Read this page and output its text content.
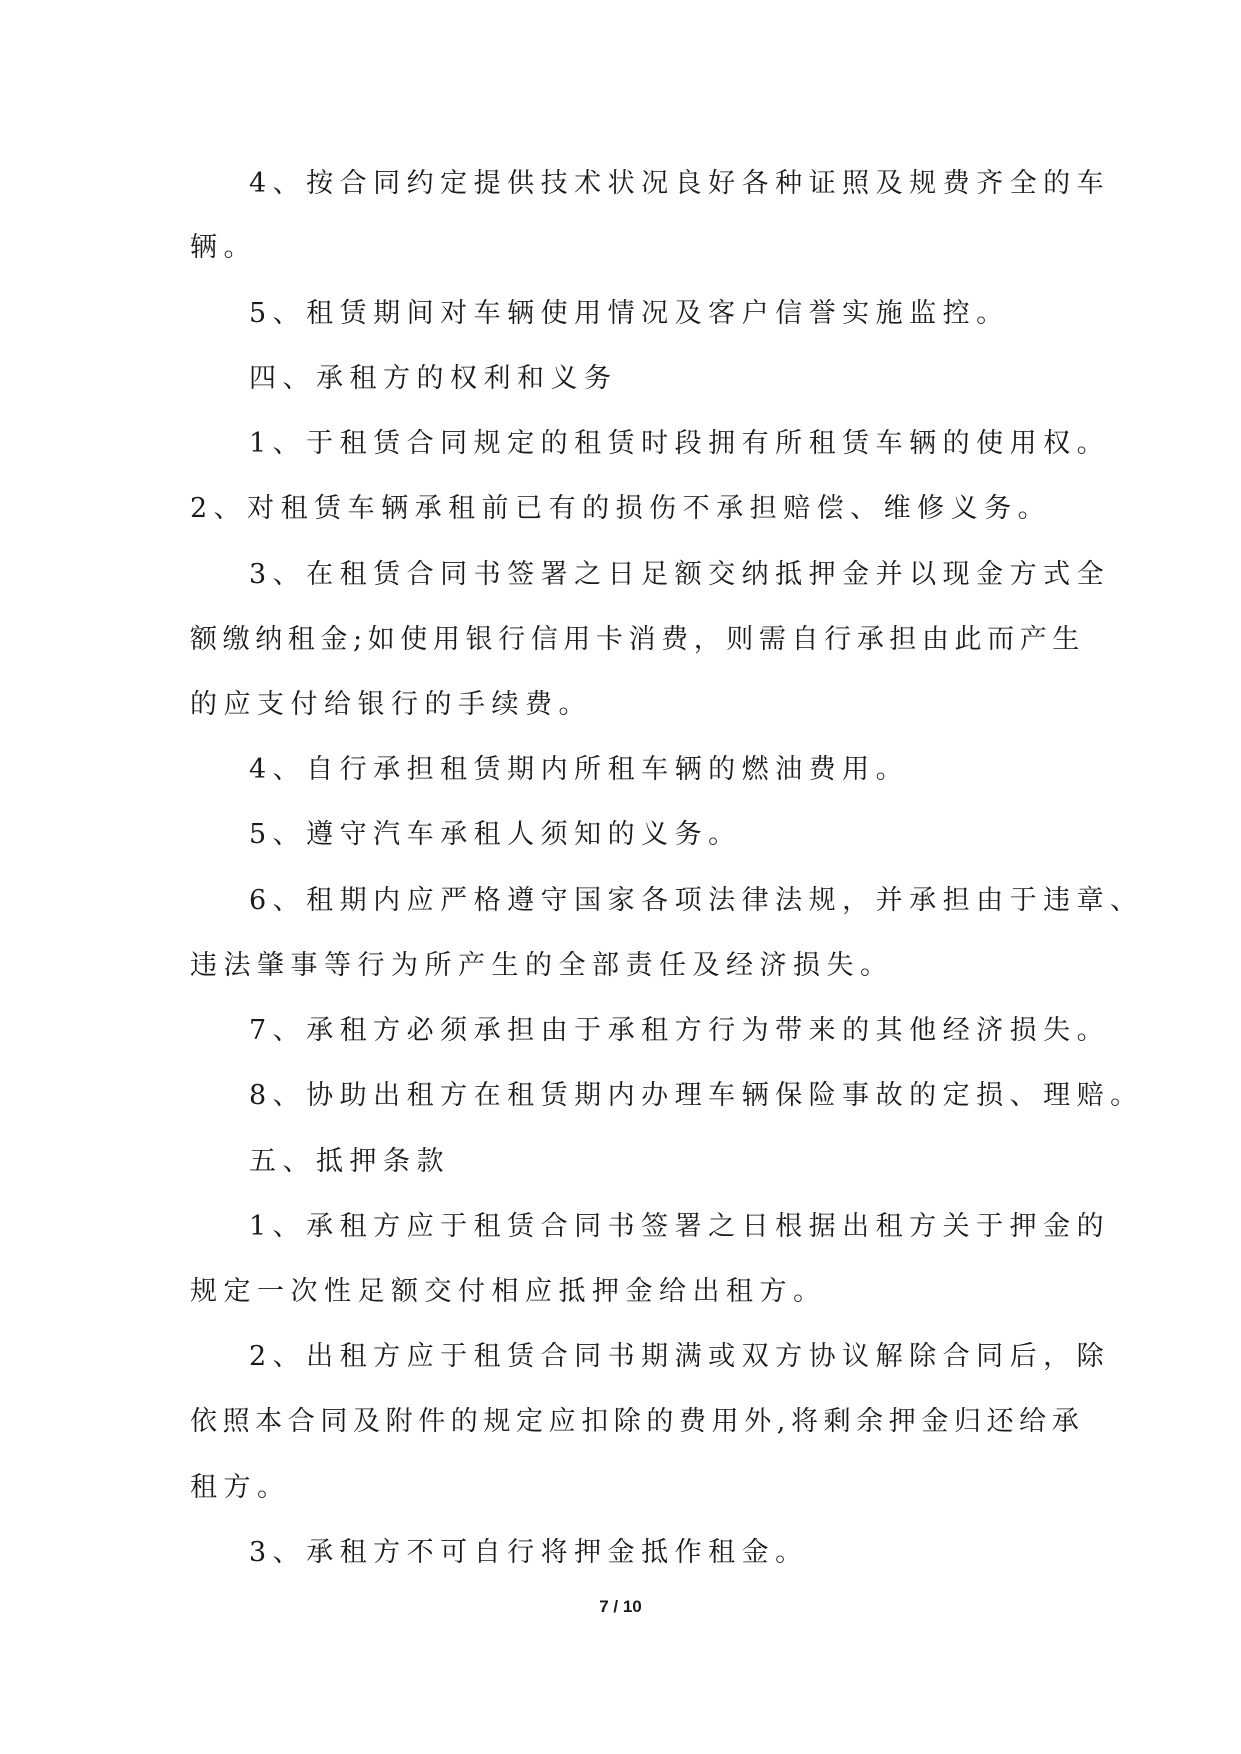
4、按合同约定提供技术状况良好各种证照及规费齐全的车

辆。

5、租赁期间对车辆使用情况及客户信誉实施监控。

四、承租方的权利和义务

1、于租赁合同规定的租赁时段拥有所租赁车辆的使用权。

2、对租赁车辆承租前已有的损伤不承担赔偿、维修义务。

3、在租赁合同书签署之日足额交纳抵押金并以现金方式全

额缴纳租金;如使用银行信用卡消费，则需自行承担由此而产生

的应支付给银行的手续费。

4、自行承担租赁期内所租车辆的燃油费用。

5、遵守汽车承租人须知的义务。

6、租期内应严格遵守国家各项法律法规，并承担由于违章、

违法肇事等行为所产生的全部责任及经济损失。

7、承租方必须承担由于承租方行为带来的其他经济损失。

8、协助出租方在租赁期内办理车辆保险事故的定损、理赔。

五、抵押条款

1、承租方应于租赁合同书签署之日根据出租方关于押金的

规定一次性足额交付相应抵押金给出租方。

2、出租方应于租赁合同书期满或双方协议解除合同后，除

依照本合同及附件的规定应扣除的费用外,将剩余押金归还给承

租方。

3、承租方不可自行将押金抵作租金。

7 / 10
